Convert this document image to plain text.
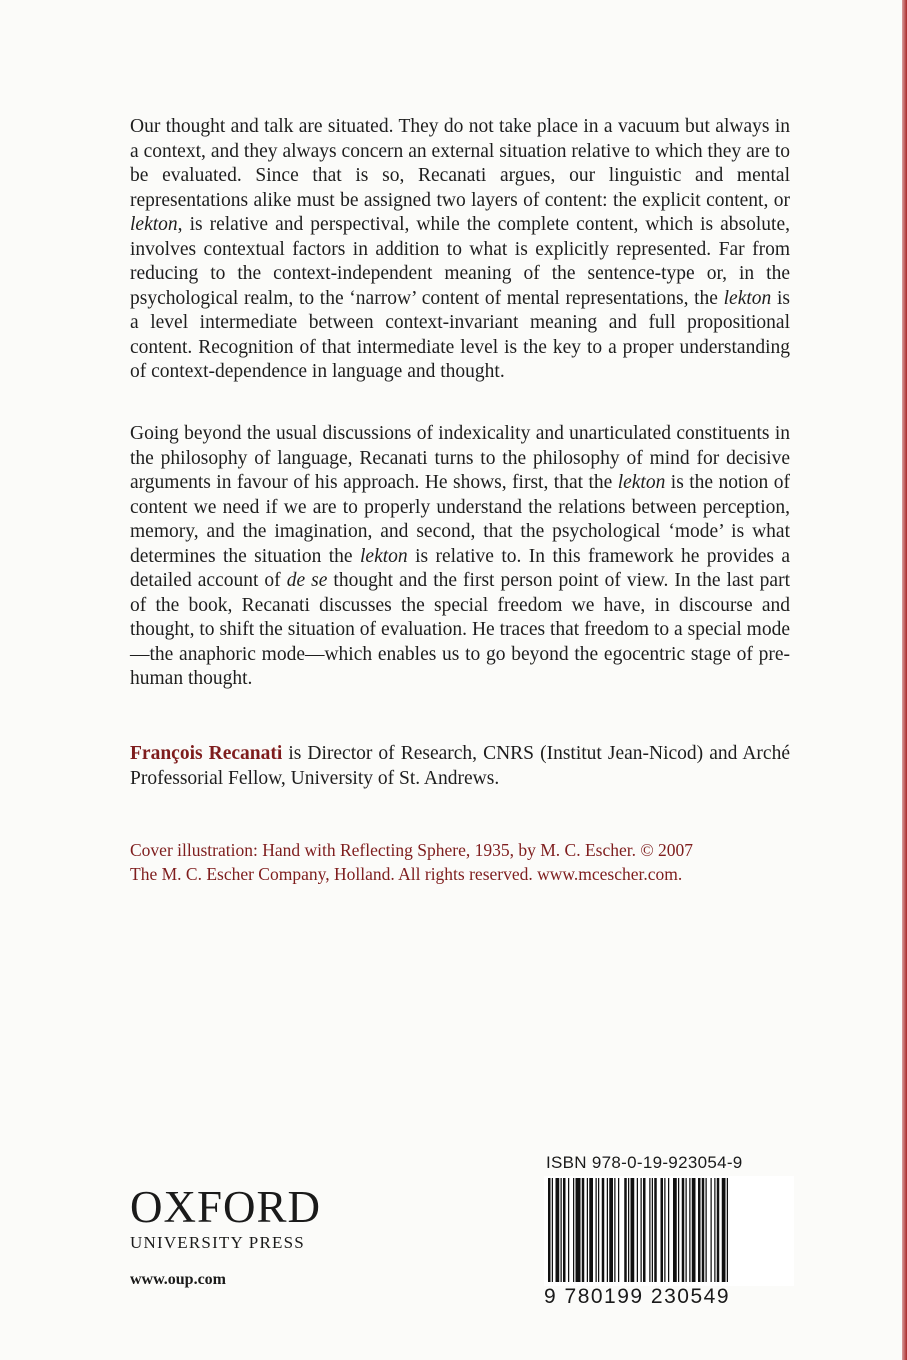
Our thought and talk are situated. They do not take place in a vacuum but always in a context, and they always concern an external situation relative to which they are to be evaluated. Since that is so, Recanati argues, our linguistic and mental representations alike must be assigned two layers of content: the explicit content, or lekton, is relative and perspectival, while the complete content, which is absolute, involves contextual factors in addition to what is explicitly represented. Far from reducing to the context-independent meaning of the sentence-type or, in the psychological realm, to the ‘narrow’ content of mental representations, the lekton is a level intermediate between context-invariant meaning and full propositional content. Recognition of that intermediate level is the key to a proper understanding of context-dependence in language and thought.

Going beyond the usual discussions of indexicality and unarticulated constituents in the philosophy of language, Recanati turns to the philosophy of mind for decisive arguments in favour of his approach. He shows, first, that the lekton is the notion of content we need if we are to properly understand the relations between perception, memory, and the imagination, and second, that the psychological ‘mode’ is what determines the situation the lekton is relative to. In this framework he provides a detailed account of de se thought and the first person point of view. In the last part of the book, Recanati discusses the special freedom we have, in discourse and thought, to shift the situation of evaluation. He traces that freedom to a special mode—the anaphoric mode—which enables us to go beyond the egocentric stage of pre-human thought.

François Recanati is Director of Research, CNRS (Institut Jean-Nicod) and Arché Professorial Fellow, University of St. Andrews.

Cover illustration: Hand with Reflecting Sphere, 1935, by M. C. Escher. © 2007
The M. C. Escher Company, Holland. All rights reserved. www.mcescher.com.
OXFORD
UNIVERSITY PRESS
www.oup.com
ISBN 978-0-19-923054-9
9 780199 230549
